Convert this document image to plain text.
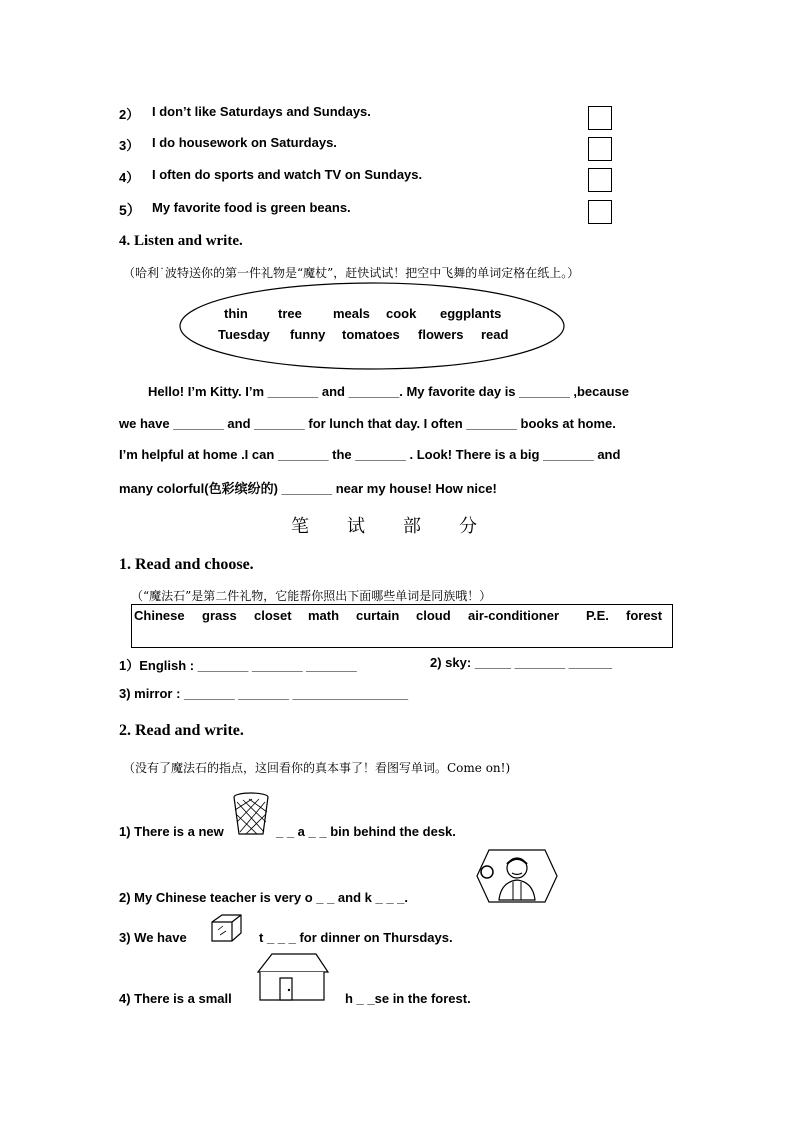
2） I don’t like Saturdays and Sundays.
3） I do housework on Saturdays.
4） I often do sports and watch TV on Sundays.
5） My favorite food is green beans.
4. Listen and write.
（哈利˙波特送你的第一件礼物是“魔杖”，赶快试试！把空中飞舞的单词定格在纸上。）
thin tree meals cook eggplants
Tuesday funny tomatoes flowers read
Hello! I’m Kitty. I’m _______ and _______. My favorite day is _______ ,because
we have _______ and _______ for lunch that day. I often _______ books at home.
I’m helpful at home .I can _______ the _______ . Look! There is a big _______ and
many colorful(色彩缤纷的) _______ near my house! How nice!
笔试部分
1. Read and choose.
（“魔法石”是第二件礼物，它能帮你照出下面哪些单词是同族哦！）
Chinese grass closet math curtain cloud air-conditioner P.E. forest
1）English : _______ _______ _______	2) sky: _____ _______ ______
3) mirror : _______ _______ ________________
2. Read and write.
（没有了魔法石的指点，这回看你的真本事了！看图写单词。Come on!)
1) There is a new	_ _ a _ _ bin behind the desk.
2) My Chinese teacher is very o _ _ and k _ _ _.
3) We have	t _ _ _ for dinner on Thursdays.
4) There is a small	h _ _se in the forest.
